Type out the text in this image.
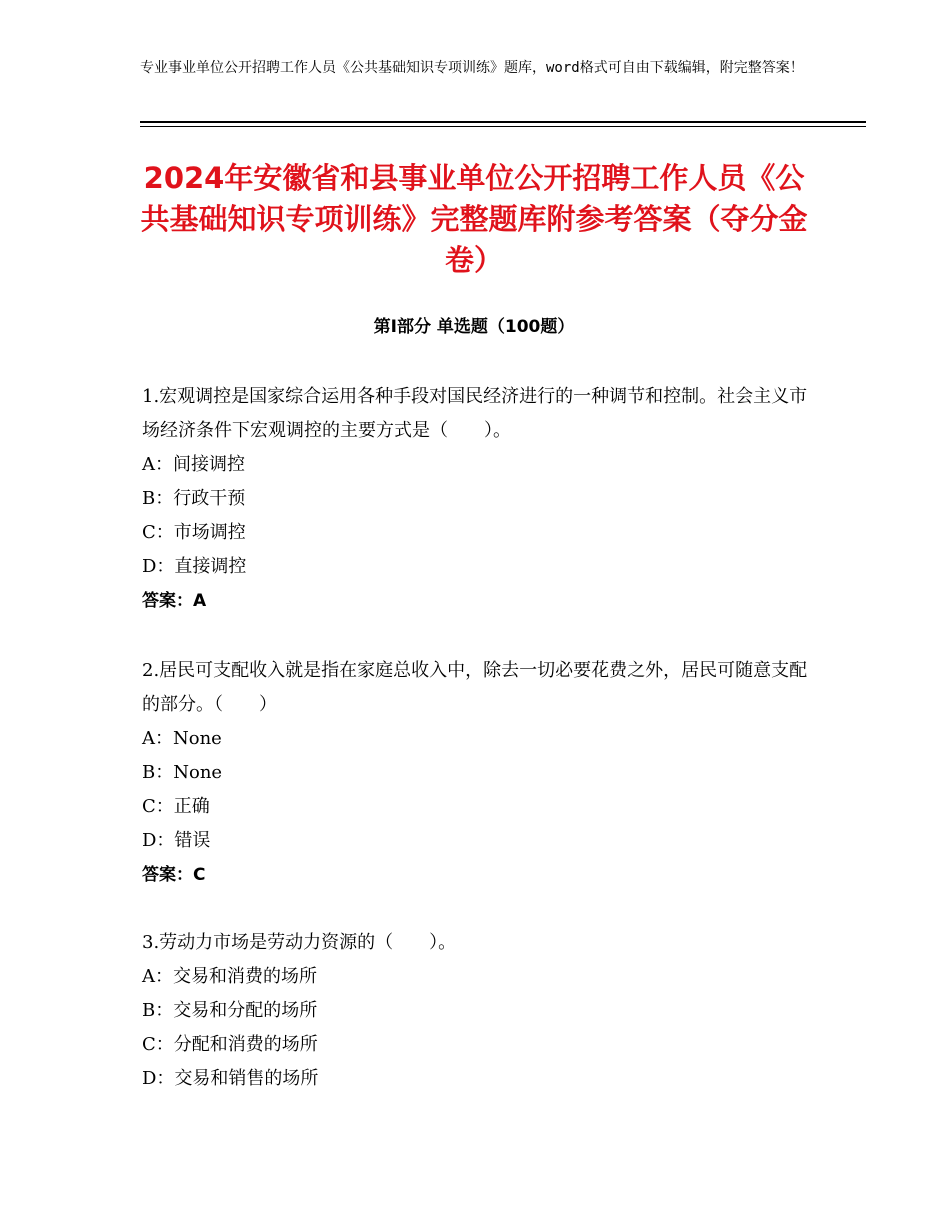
专业事业单位公开招聘工作人员《公共基础知识专项训练》题库，word格式可自由下载编辑，附完整答案！
2024年安徽省和县事业单位公开招聘工作人员《公共基础知识专项训练》完整题库附参考答案（夺分金卷）
第Ⅰ部分 单选题（100题）

1.宏观调控是国家综合运用各种手段对国民经济进行的一种调节和控制。社会主义市场经济条件下宏观调控的主要方式是（　　）。

A：间接调控

B：行政干预

C：市场调控

D：直接调控

答案：A

2.居民可支配收入就是指在家庭总收入中，除去一切必要花费之外，居民可随意支配的部分。（　　）

A：None

B：None

C：正确

D：错误

答案：C

3.劳动力市场是劳动力资源的（　　）。

A：交易和消费的场所

B：交易和分配的场所

C：分配和消费的场所

D：交易和销售的场所
